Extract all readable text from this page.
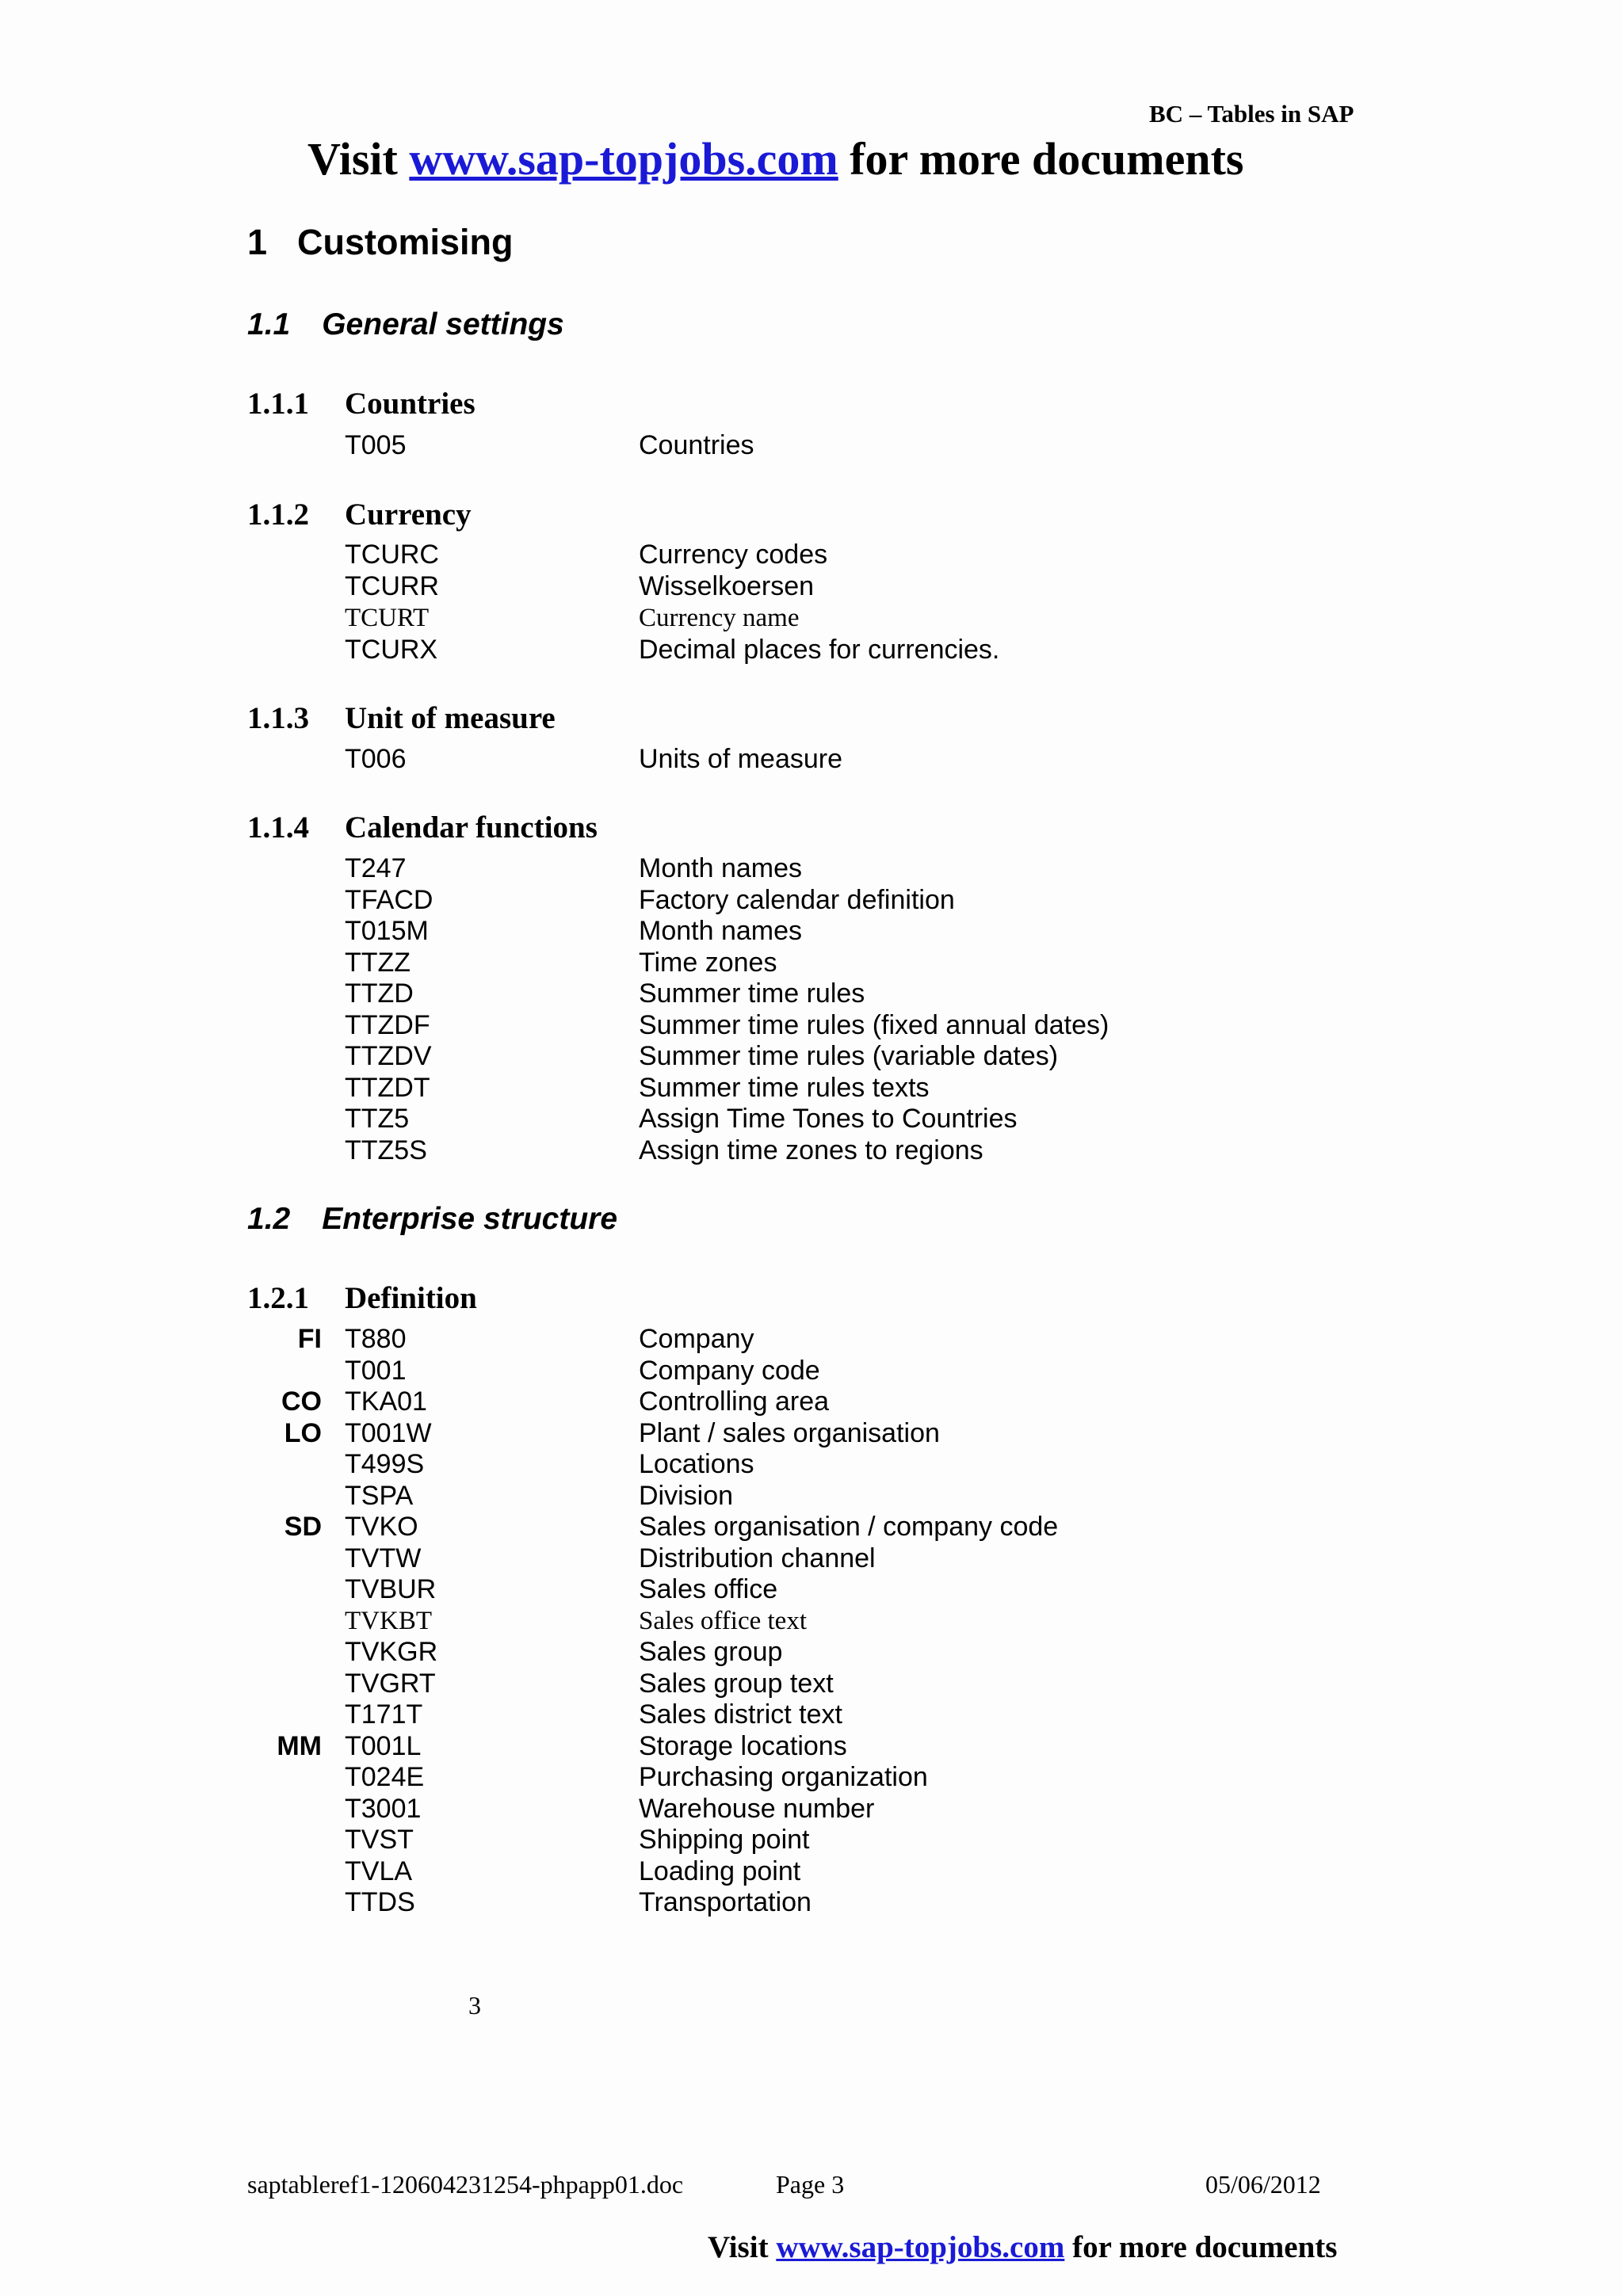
BC – Tables in SAP
Visit www.sap-topjobs.com for more documents
1 Customising
1.1 General settings
1.1.1 Countries
T005	Countries
1.1.2 Currency
TCURC	Currency codes
TCURR	Wisselkoersen
TCURT	Currency name
TCURX	Decimal places for currencies.
1.1.3 Unit of measure
T006	Units of measure
1.1.4 Calendar functions
T247	Month names
TFACD	Factory calendar definition
T015M	Month names
TTZZ	Time zones
TTZD	Summer time rules
TTZDF	Summer time rules (fixed annual dates)
TTZDV	Summer time rules (variable dates)
TTZDT	Summer time rules texts
TTZ5	Assign Time Tones to Countries
TTZ5S	Assign time zones to regions
1.2 Enterprise structure
1.2.1 Definition
FI T880	Company
T001	Company code
CO TKA01	Controlling area
LO T001W	Plant / sales organisation
T499S	Locations
TSPA	Division
SD TVKO	Sales organisation / company code
TVTW	Distribution channel
TVBUR	Sales office
TVKBT	Sales office text
TVKGR	Sales group
TVGRT	Sales group text
T171T	Sales district text
MM T001L	Storage locations
T024E	Purchasing organization
T3001	Warehouse number
TVST	Shipping point
TVLA	Loading point
TTDS	Transportation
3
saptableref1-120604231254-phpapp01.doc	Page 3	05/06/2012
Visit www.sap-topjobs.com for more documents
